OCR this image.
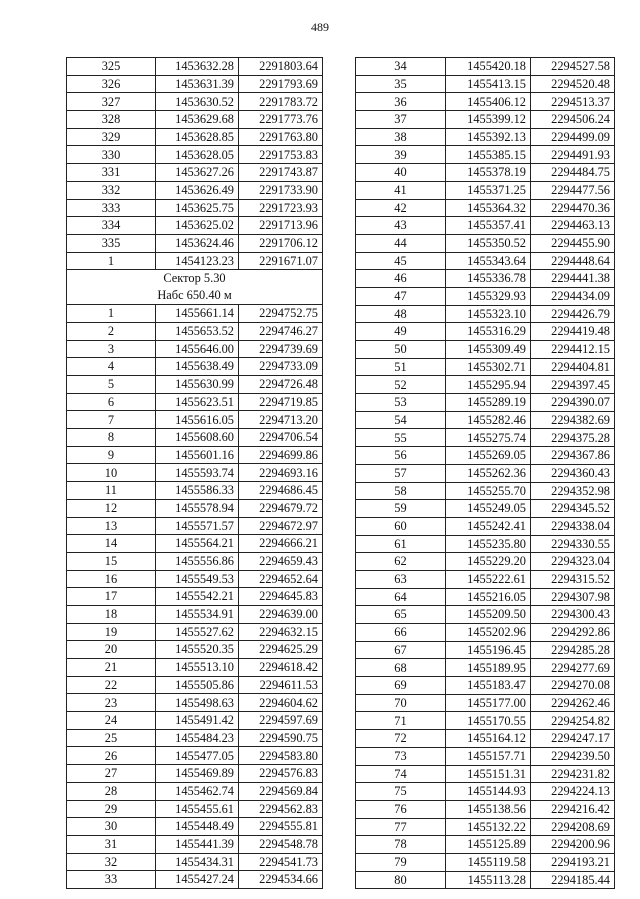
489
325	1453632.28	2291803.64
326	1453631.39	2291793.69
327	1453630.52	2291783.72
328	1453629.68	2291773.76
329	1453628.85	2291763.80
330	1453628.05	2291753.83
331	1453627.26	2291743.87
332	1453626.49	2291733.90
333	1453625.75	2291723.93
334	1453625.02	2291713.96
335	1453624.46	2291706.12
1	1454123.23	2291671.07

Сектор 5.30
Набс 650.40 м		

1	1455661.14	2294752.75
2	1455653.52	2294746.27
3	1455646.00	2294739.69
4	1455638.49	2294733.09
5	1455630.99	2294726.48
6	1455623.51	2294719.85
7	1455616.05	2294713.20
8	1455608.60	2294706.54
9	1455601.16	2294699.86
10	1455593.74	2294693.16
11	1455586.33	2294686.45
12	1455578.94	2294679.72
13	1455571.57	2294672.97
14	1455564.21	2294666.21
15	1455556.86	2294659.43
16	1455549.53	2294652.64
17	1455542.21	2294645.83
18	1455534.91	2294639.00
19	1455527.62	2294632.15
20	1455520.35	2294625.29
21	1455513.10	2294618.42
22	1455505.86	2294611.53
23	1455498.63	2294604.62
24	1455491.42	2294597.69
25	1455484.23	2294590.75
26	1455477.05	2294583.80
27	1455469.89	2294576.83
28	1455462.74	2294569.84
29	1455455.61	2294562.83
30	1455448.49	2294555.81
31	1455441.39	2294548.78
32	1455434.31	2294541.73
33	1455427.24	2294534.66
34	1455420.18	2294527.58
35	1455413.15	2294520.48
36	1455406.12	2294513.37
37	1455399.12	2294506.24
38	1455392.13	2294499.09
39	1455385.15	2294491.93
40	1455378.19	2294484.75
41	1455371.25	2294477.56
42	1455364.32	2294470.36
43	1455357.41	2294463.13
44	1455350.52	2294455.90
45	1455343.64	2294448.64
46	1455336.78	2294441.38
47	1455329.93	2294434.09
48	1455323.10	2294426.79
49	1455316.29	2294419.48
50	1455309.49	2294412.15
51	1455302.71	2294404.81
52	1455295.94	2294397.45
53	1455289.19	2294390.07
54	1455282.46	2294382.69
55	1455275.74	2294375.28
56	1455269.05	2294367.86
57	1455262.36	2294360.43
58	1455255.70	2294352.98
59	1455249.05	2294345.52
60	1455242.41	2294338.04
61	1455235.80	2294330.55
62	1455229.20	2294323.04
63	1455222.61	2294315.52
64	1455216.05	2294307.98
65	1455209.50	2294300.43
66	1455202.96	2294292.86
67	1455196.45	2294285.28
68	1455189.95	2294277.69
69	1455183.47	2294270.08
70	1455177.00	2294262.46
71	1455170.55	2294254.82
72	1455164.12	2294247.17
73	1455157.71	2294239.50
74	1455151.31	2294231.82
75	1455144.93	2294224.13
76	1455138.56	2294216.42
77	1455132.22	2294208.69
78	1455125.89	2294200.96
79	1455119.58	2294193.21
80	1455113.28	2294185.44
